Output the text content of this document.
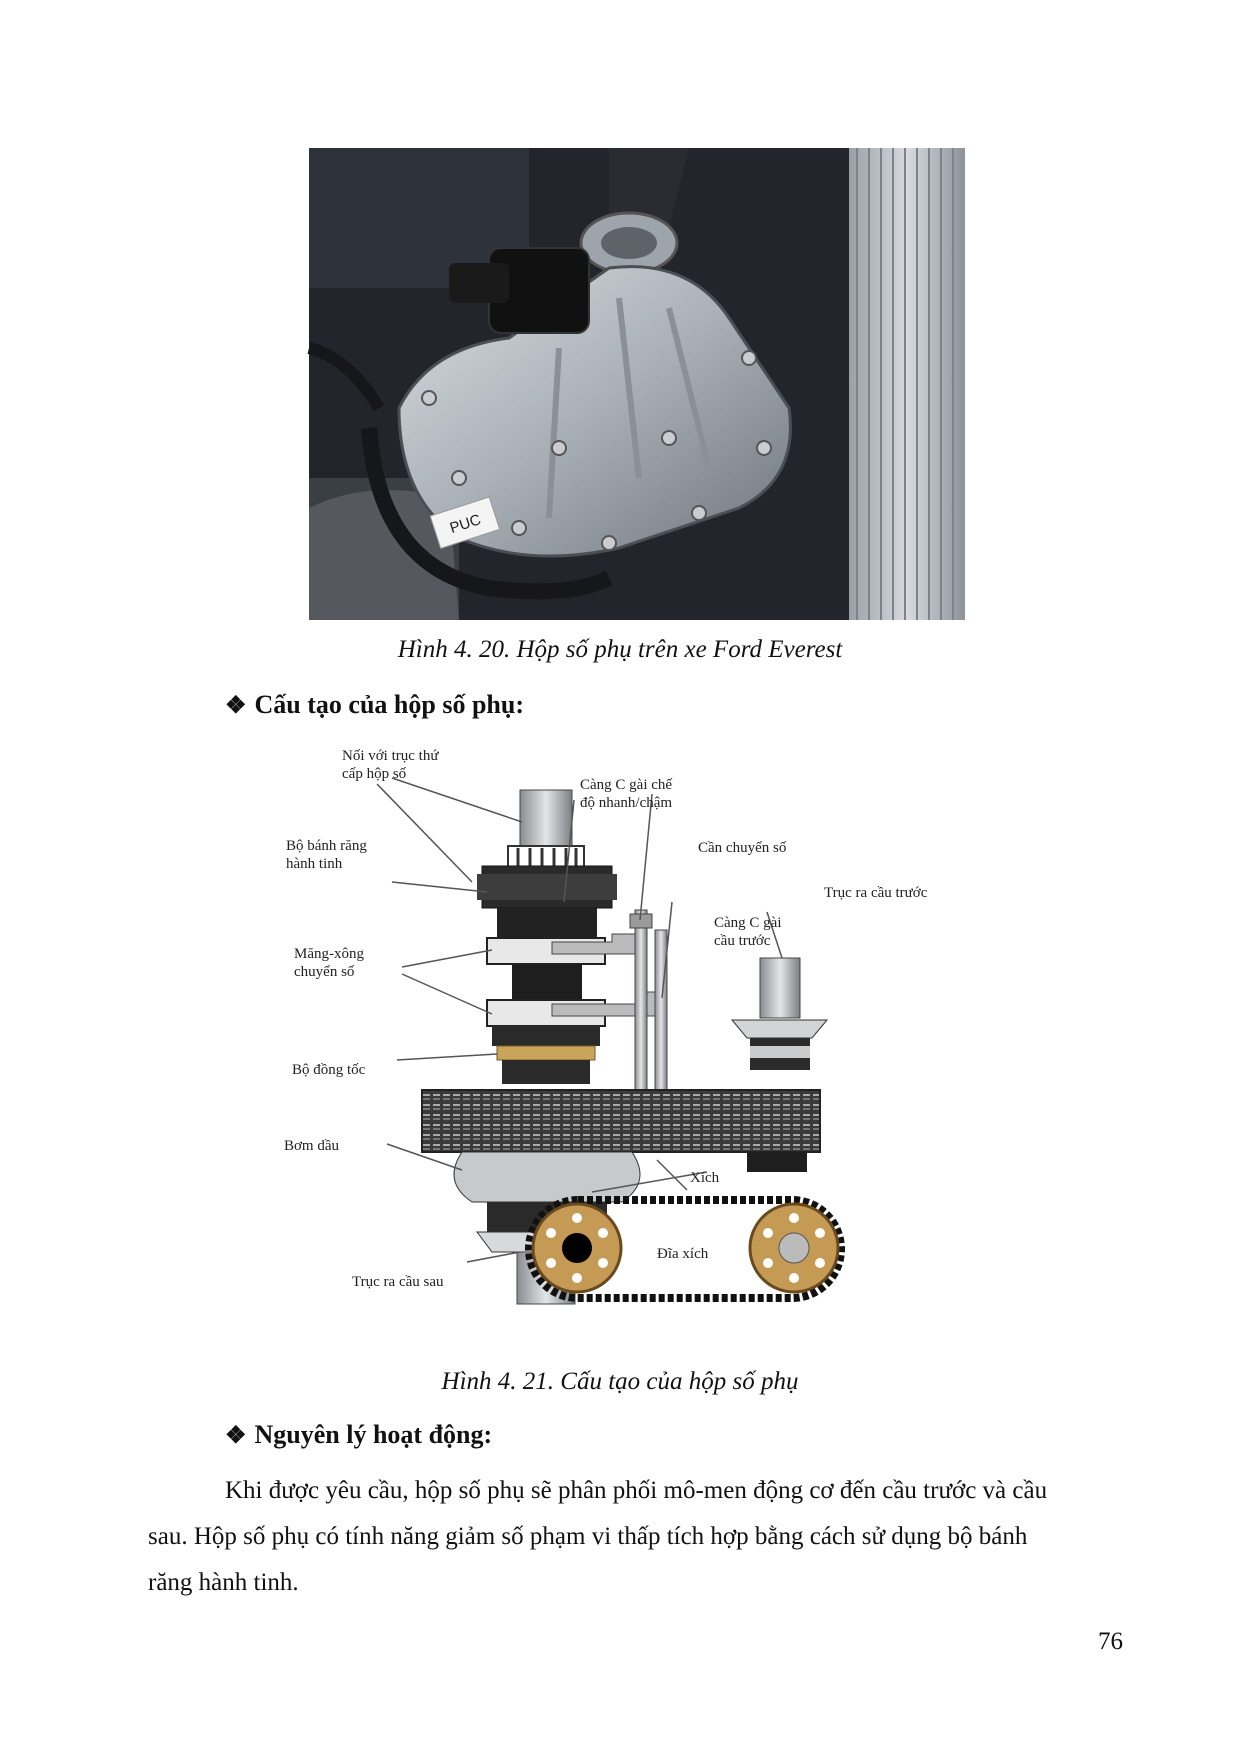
PUC
Hình 4. 20. Hộp số phụ trên xe Ford Everest
❖ Cấu tạo của hộp số phụ:
Nối với trục thứ
cấp hộp số
Càng C gài chế
độ nhanh/chậm
Cần chuyển số
Bộ bánh răng
hành tinh
Trục ra cầu trước
Càng C gài
cầu trước
Măng-xông
chuyển số
Bộ đồng tốc
Bơm dầu
Xích
Đĩa xích
Trục ra cầu sau
Hình 4. 21. Cấu tạo của hộp số phụ
❖ Nguyên lý hoạt động:
Khi được yêu cầu, hộp số phụ sẽ phân phối mô-men động cơ đến cầu trước và cầu
sau. Hộp số phụ có tính năng giảm số phạm vi thấp tích hợp bằng cách sử dụng bộ bánh
răng hành tinh.
76
